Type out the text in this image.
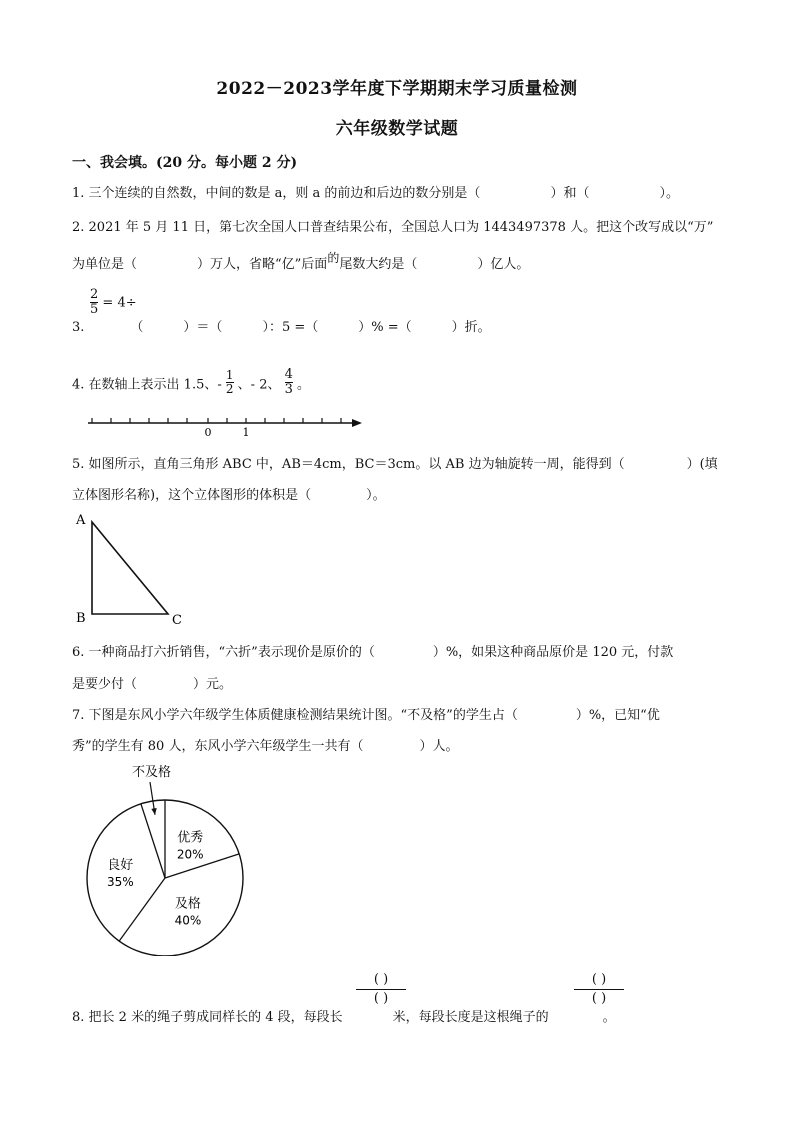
2022－2023学年度下学期期末学习质量检测
六年级数学试题
一、我会填。(20 分。每小题 2 分)
1. 三个连续的自然数，中间的数是 a，则 a 的前边和后边的数分别是（	）和（	）。
2. 2021 年 5 月 11 日，第七次全国人口普查结果公布，全国总人口为 1443497378 人。把这个改写成以“万”
为单位是（	）万人，省略“亿”后面的尾数大约是（	）亿人。
$\frac{2}{5} = 4\div$
3.	（	）＝（	）：5 =（	）% =（	）折。
4. 在数轴上表示出 1.5、- $\frac{1}{2}$ 、- 2、 $\frac{4}{3}$ 。
0	1
5. 如图所示，直角三角形 ABC 中，AB＝4cm，BC＝3cm。以 AB 边为轴旋转一周，能得到（	）(填
立体图形名称)，这个立体图形的体积是（	）。
A
B	C
6. 一种商品打六折销售，“六折”表示现价是原价的（	）%，如果这种商品原价是 120 元，付款
是要少付（	）元。
7. 下图是东风小学六年级学生体质健康检测结果统计图。“不及格”的学生占（	）%，已知“优
秀”的学生有 80 人，东风小学六年级学生一共有（	）人。
优秀
20%
及格
40%
良好
35%
不及格
( )
( )
( )
( )
8. 把长 2 米的绳子剪成同样长的 4 段，每段长	米，每段长度是这根绳子的	。
